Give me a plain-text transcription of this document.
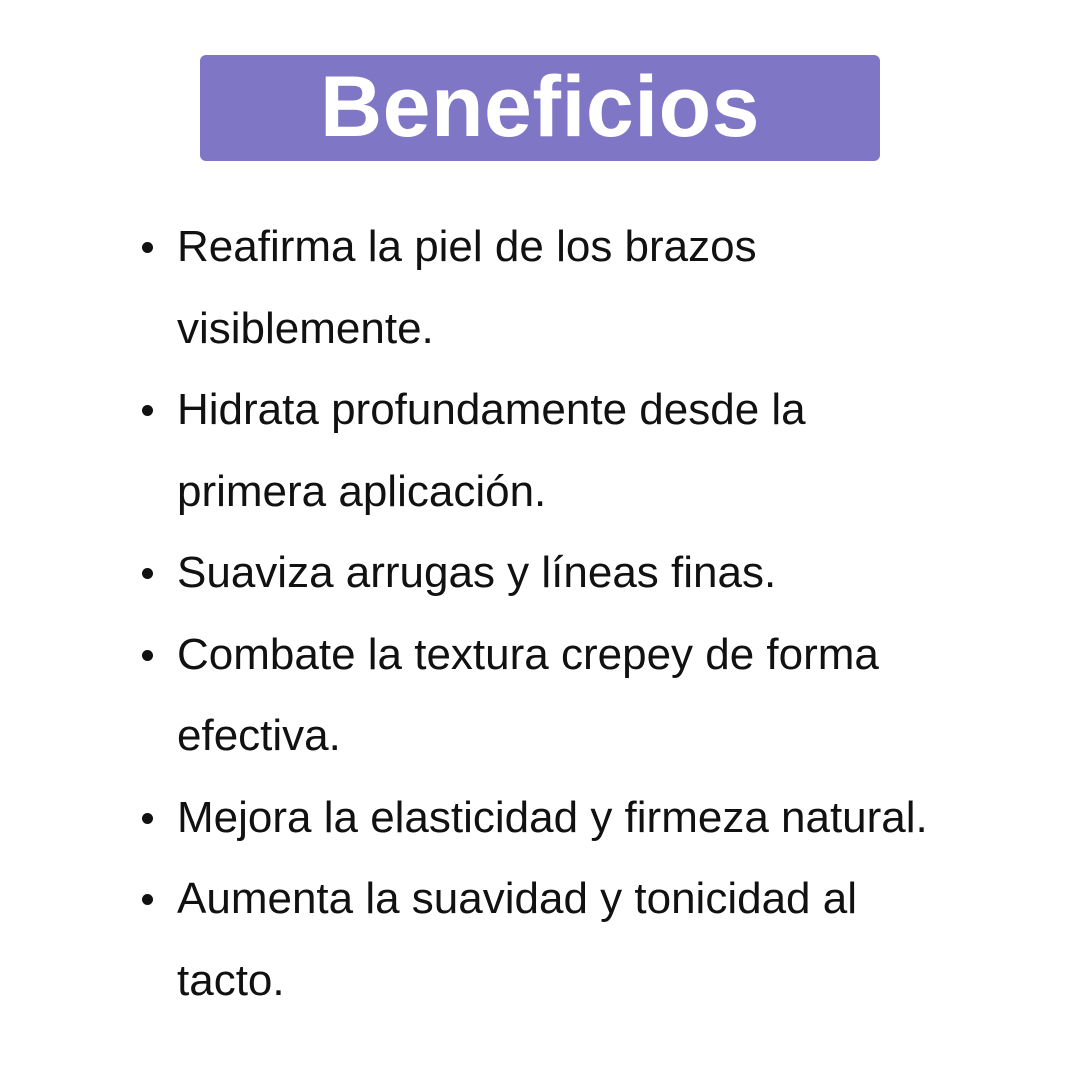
Beneficios
Reafirma la piel de los brazos
visiblemente.
Hidrata profundamente desde la
primera aplicación.
Suaviza arrugas y líneas finas.
Combate la textura crepey de forma
efectiva.
Mejora la elasticidad y firmeza natural.
Aumenta la suavidad y tonicidad al
tacto.
